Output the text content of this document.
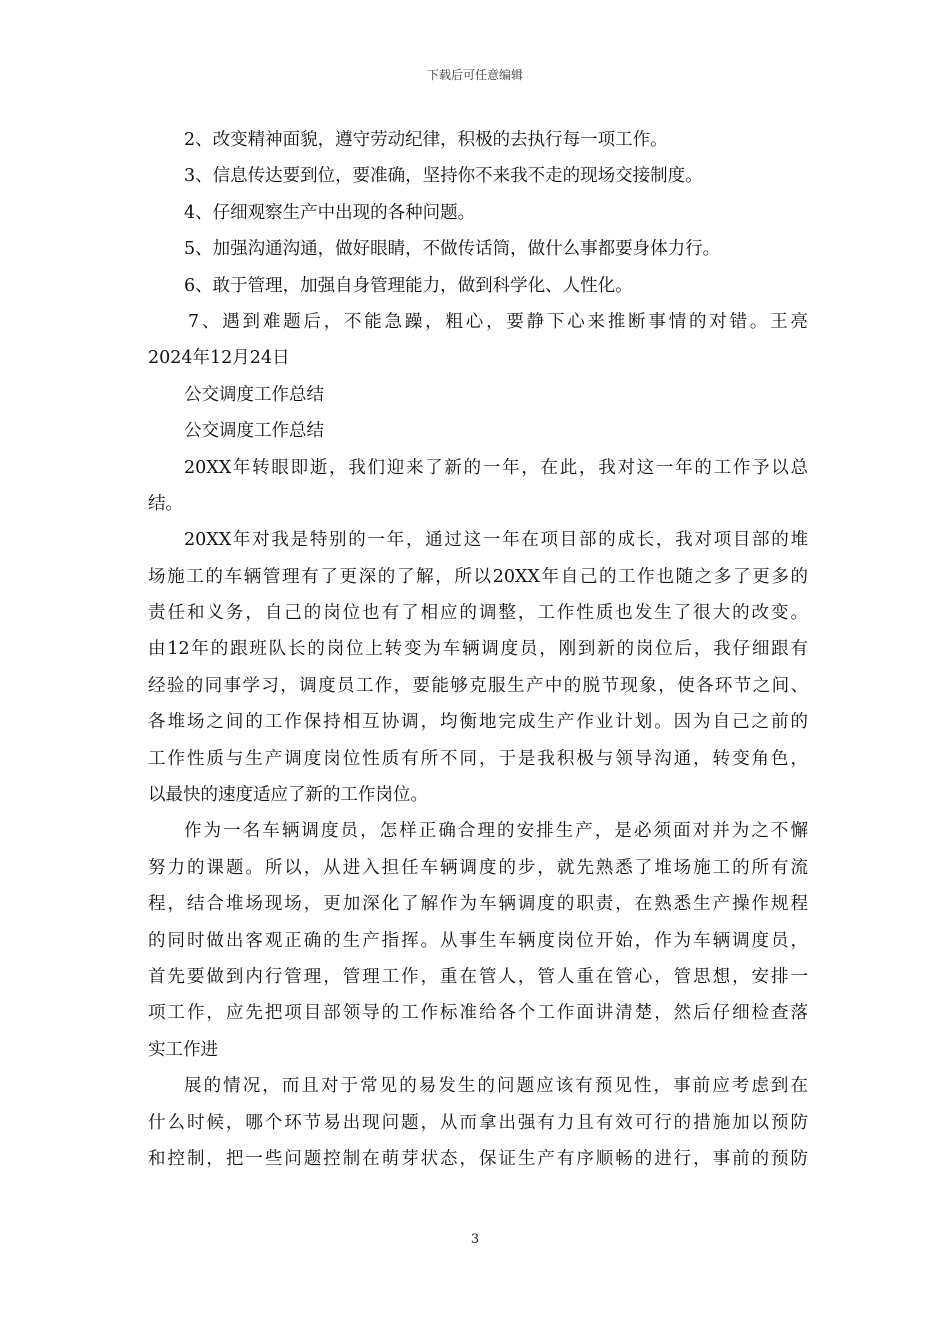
下载后可任意编辑
2、改变精神面貌，遵守劳动纪律，积极的去执行每一项工作。
3、信息传达要到位，要准确，坚持你不来我不走的现场交接制度。
4、仔细观察生产中出现的各种问题。
5、加强沟通沟通，做好眼睛，不做传话筒，做什么事都要身体力行。
6、敢于管理，加强自身管理能力，做到科学化、人性化。
7、遇到难题后，不能急躁，粗心，要静下心来推断事情的对错。王亮
2024年12月24日
公交调度工作总结
公交调度工作总结
20XX年转眼即逝，我们迎来了新的一年，在此，我对这一年的工作予以总
结。
20XX年对我是特别的一年，通过这一年在项目部的成长，我对项目部的堆
场施工的车辆管理有了更深的了解，所以20XX年自己的工作也随之多了更多的
责任和义务，自己的岗位也有了相应的调整，工作性质也发生了很大的改变。
由12年的跟班队长的岗位上转变为车辆调度员，刚到新的岗位后，我仔细跟有
经验的同事学习，调度员工作，要能够克服生产中的脱节现象，使各环节之间、
各堆场之间的工作保持相互协调，均衡地完成生产作业计划。因为自己之前的
工作性质与生产调度岗位性质有所不同，于是我积极与领导沟通，转变角色，
以最快的速度适应了新的工作岗位。
作为一名车辆调度员，怎样正确合理的安排生产，是必须面对并为之不懈
努力的课题。所以，从进入担任车辆调度的步，就先熟悉了堆场施工的所有流
程，结合堆场现场，更加深化了解作为车辆调度的职责，在熟悉生产操作规程
的同时做出客观正确的生产指挥。从事生车辆度岗位开始，作为车辆调度员，
首先要做到内行管理，管理工作，重在管人，管人重在管心，管思想，安排一
项工作，应先把项目部领导的工作标准给各个工作面讲清楚，然后仔细检查落
实工作进
展的情况，而且对于常见的易发生的问题应该有预见性，事前应考虑到在
什么时候，哪个环节易出现问题，从而拿出强有力且有效可行的措施加以预防
和控制，把一些问题控制在萌芽状态，保证生产有序顺畅的进行，事前的预防
3
